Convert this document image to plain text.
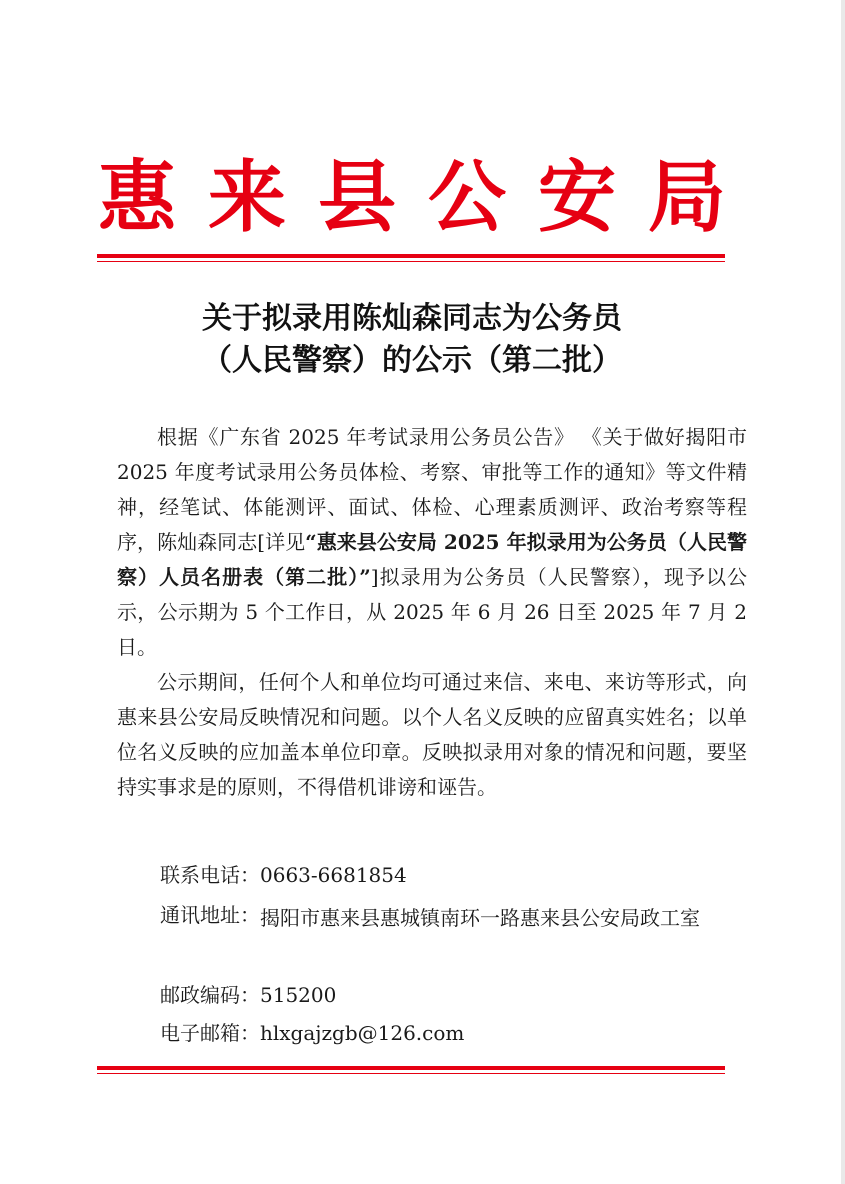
惠 来 县 公 安 局
关于拟录用陈灿森同志为公务员
（人民警察）的公示（第二批）

根据《广东省 2025 年考试录用公务员公告》 《关于做好揭阳市 2025 年度考试录用公务员体检、考察、审批等工作的通知》等文件精神，经笔试、体能测评、面试、体检、心理素质测评、政治考察等程序，陈灿森同志[详见“惠来县公安局 2025 年拟录用为公务员（人民警察）人员名册表（第二批）”]拟录用为公务员（人民警察），现予以公示，公示期为 5 个工作日，从 2025 年 6 月 26 日至 2025 年 7 月 2 日。

公示期间，任何个人和单位均可通过来信、来电、来访等形式，向惠来县公安局反映情况和问题。以个人名义反映的应留真实姓名；以单位名义反映的应加盖本单位印章。反映拟录用对象的情况和问题，要坚持实事求是的原则，不得借机诽谤和诬告。

联系电话： 0663-6681854
通讯地址： 揭阳市惠来县惠城镇南环一路惠来县公安局政工室
邮政编码： 515200
电子邮箱： hlxgajzgb@126.com
